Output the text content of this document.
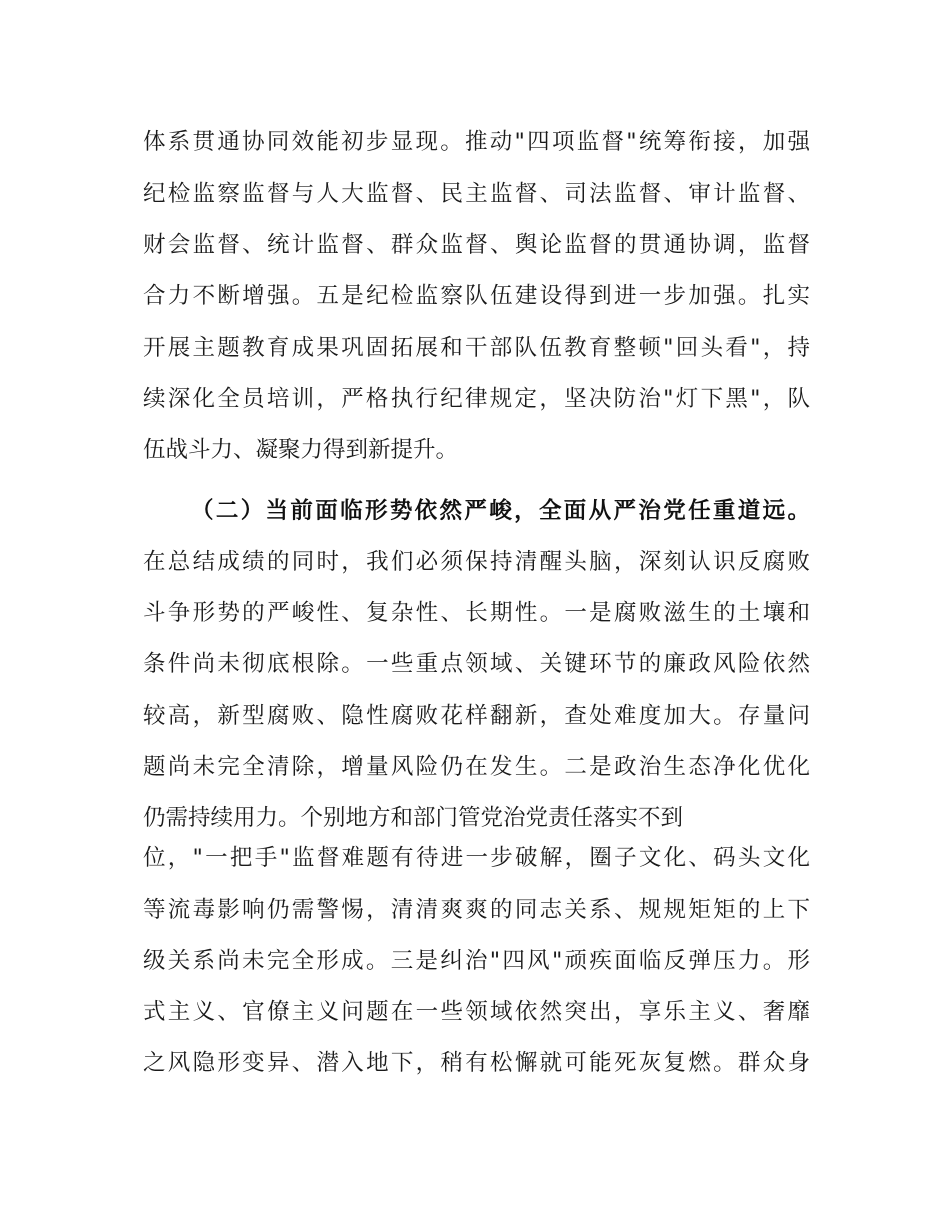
体系贯通协同效能初步显现。推动"四项监督"统筹衔接，加强
纪检监察监督与人大监督、民主监督、司法监督、审计监督、
财会监督、统计监督、群众监督、舆论监督的贯通协调，监督
合力不断增强。五是纪检监察队伍建设得到进一步加强。扎实
开展主题教育成果巩固拓展和干部队伍教育整顿"回头看"，持
续深化全员培训，严格执行纪律规定，坚决防治"灯下黑"，队
伍战斗力、凝聚力得到新提升。
（二）当前面临形势依然严峻，全面从严治党任重道远。
在总结成绩的同时，我们必须保持清醒头脑，深刻认识反腐败
斗争形势的严峻性、复杂性、长期性。一是腐败滋生的土壤和
条件尚未彻底根除。一些重点领域、关键环节的廉政风险依然
较高，新型腐败、隐性腐败花样翻新，查处难度加大。存量问
题尚未完全清除，增量风险仍在发生。二是政治生态净化优化
仍需持续用力。个别地方和部门管党治党责任落实不到
位，"一把手"监督难题有待进一步破解，圈子文化、码头文化
等流毒影响仍需警惕，清清爽爽的同志关系、规规矩矩的上下
级关系尚未完全形成。三是纠治"四风"顽疾面临反弹压力。形
式主义、官僚主义问题在一些领域依然突出，享乐主义、奢靡
之风隐形变异、潜入地下，稍有松懈就可能死灰复燃。群众身
